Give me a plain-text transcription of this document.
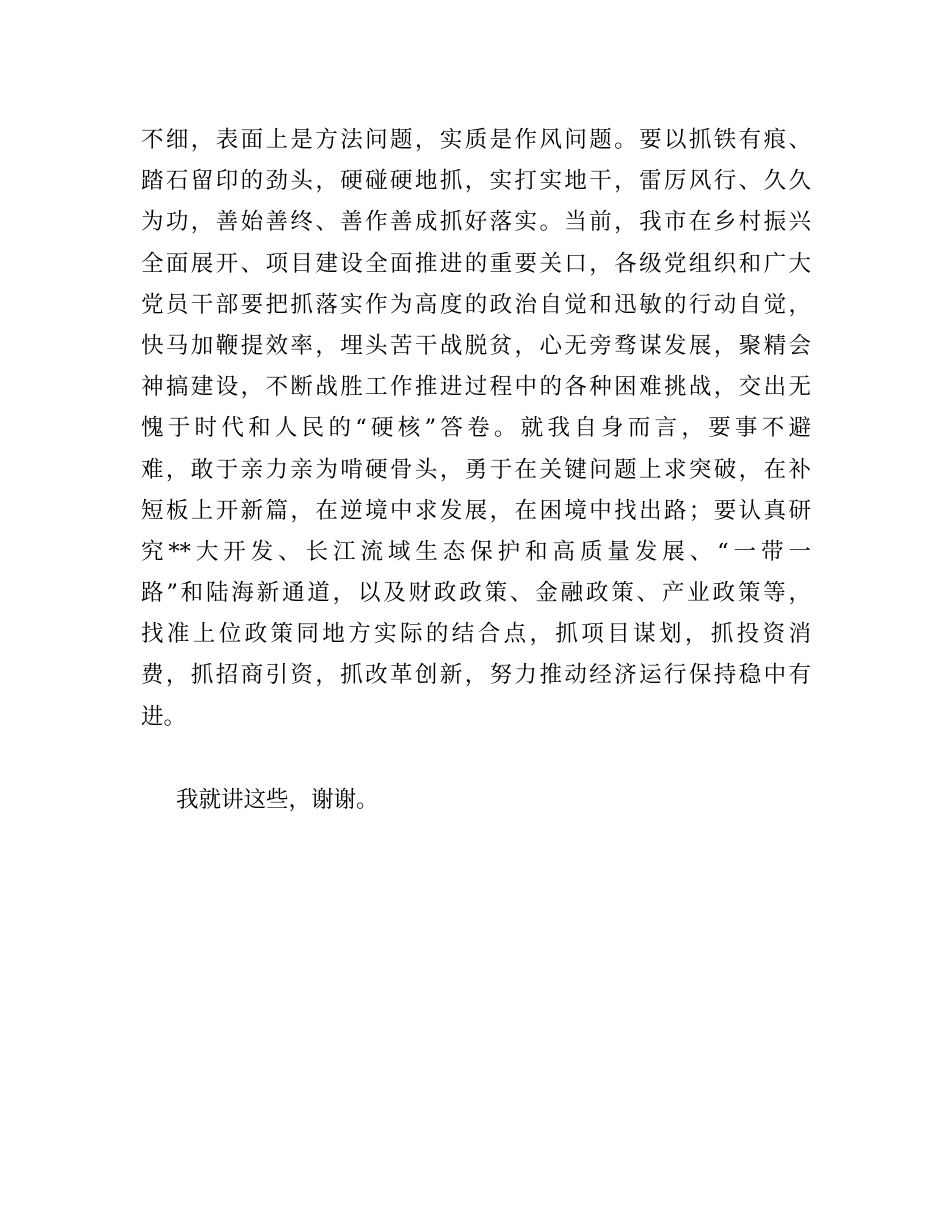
不细，表面上是方法问题，实质是作风问题。要以抓铁有痕、
踏石留印的劲头，硬碰硬地抓，实打实地干，雷厉风行、久久
为功，善始善终、善作善成抓好落实。当前，我市在乡村振兴
全面展开、项目建设全面推进的重要关口，各级党组织和广大
党员干部要把抓落实作为高度的政治自觉和迅敏的行动自觉，
快马加鞭提效率，埋头苦干战脱贫，心无旁骛谋发展，聚精会
神搞建设，不断战胜工作推进过程中的各种困难挑战，交出无
愧于时代和人民的“硬核”答卷。就我自身而言，要事不避
难，敢于亲力亲为啃硬骨头，勇于在关键问题上求突破，在补
短板上开新篇，在逆境中求发展，在困境中找出路；要认真研
究**大开发、长江流域生态保护和高质量发展、“一带一
路”和陆海新通道，以及财政政策、金融政策、产业政策等，
找准上位政策同地方实际的结合点，抓项目谋划，抓投资消
费，抓招商引资，抓改革创新，努力推动经济运行保持稳中有
进。
我就讲这些，谢谢。
